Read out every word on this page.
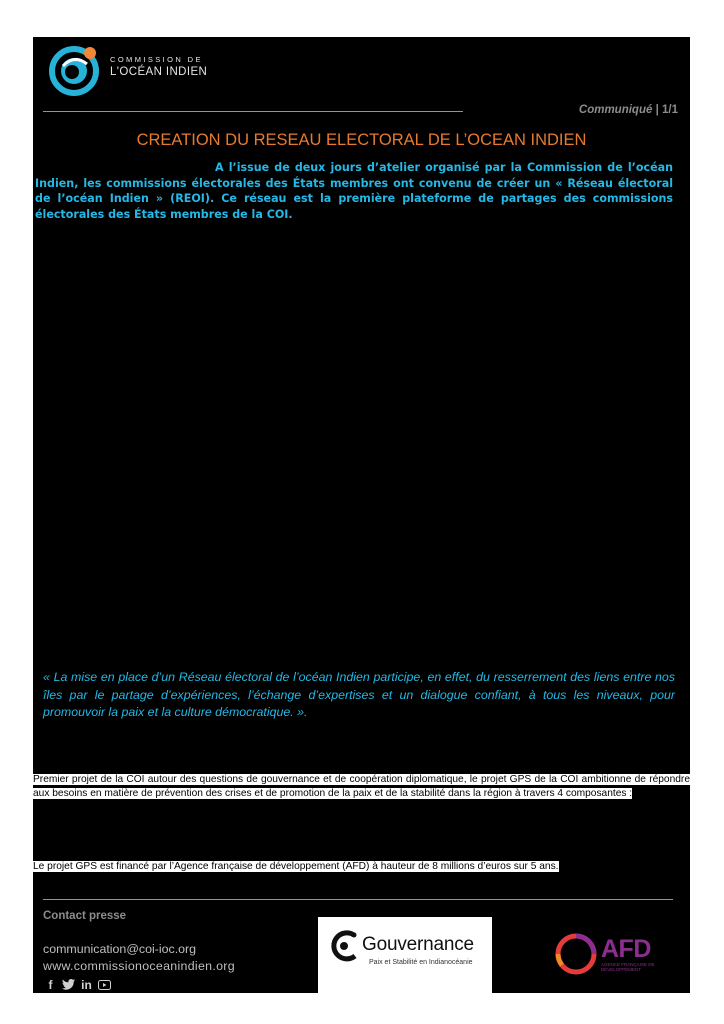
COMMISSION DE
L'OCÉAN INDIEN
Communiqué | 1/1
CREATION DU RESEAU ELECTORAL DE L’OCEAN INDIEN

A l’issue de deux jours d’atelier organisé par la Commission de l’océan Indien, les commissions électorales des États membres ont convenu de créer un « Réseau électoral de l’océan Indien » (REOI). Ce réseau est la première plateforme de partages des commissions électorales des États membres de la COI.

« La mise en place d’un Réseau électoral de l’océan Indien participe, en effet, du resserrement des liens entre nos îles par le partage d’expériences, l’échange d’expertises et un dialogue confiant, à tous les niveaux, pour promouvoir la paix et la culture démocratique. ».

Premier projet de la COI autour des questions de gouvernance et de coopération diplomatique, le projet GPS de la COI ambitionne de répondre aux besoins en matière de prévention des crises et de promotion de la paix et de la stabilité dans la région à travers 4 composantes :

Le projet GPS est financé par l’Agence française de développement (AFD) à hauteur de 8 millions d’euros sur 5 ans.

Contact presse
communication@coi-ioc.org
www.commissionoceanindien.org
f	in
Gouvernance
Paix et Stabilité en Indianocéanie	AFD
AGENCE FRANÇAISE DE DÉVELOPPEMENT
